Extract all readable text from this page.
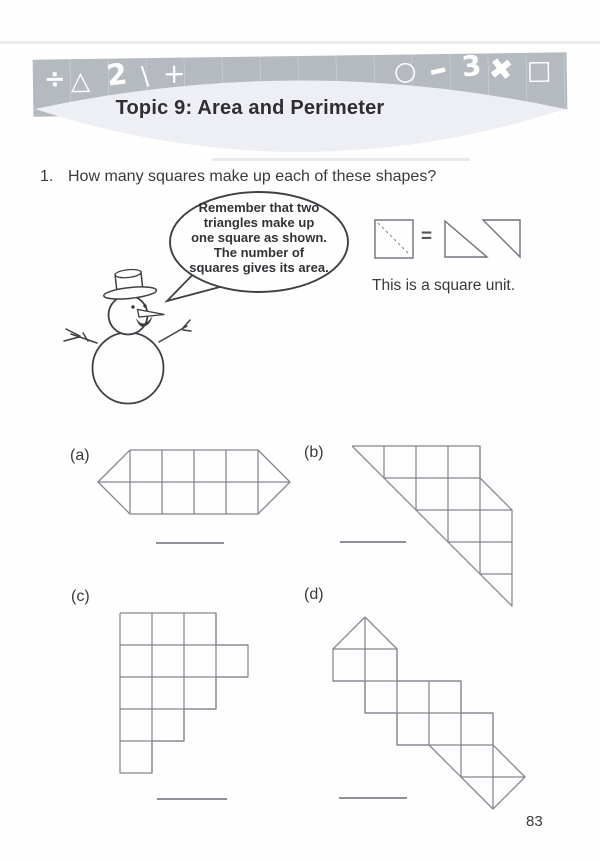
÷ △ 2 \ +	○ – 3 ✖ □
Topic 9: Area and Perimeter
1. How many squares make up each of these shapes?
Remember that two
triangles make up
one square as shown.
The number of
squares gives its area.
=
This is a square unit.
(a)	(b)
(c)	(d)
83
